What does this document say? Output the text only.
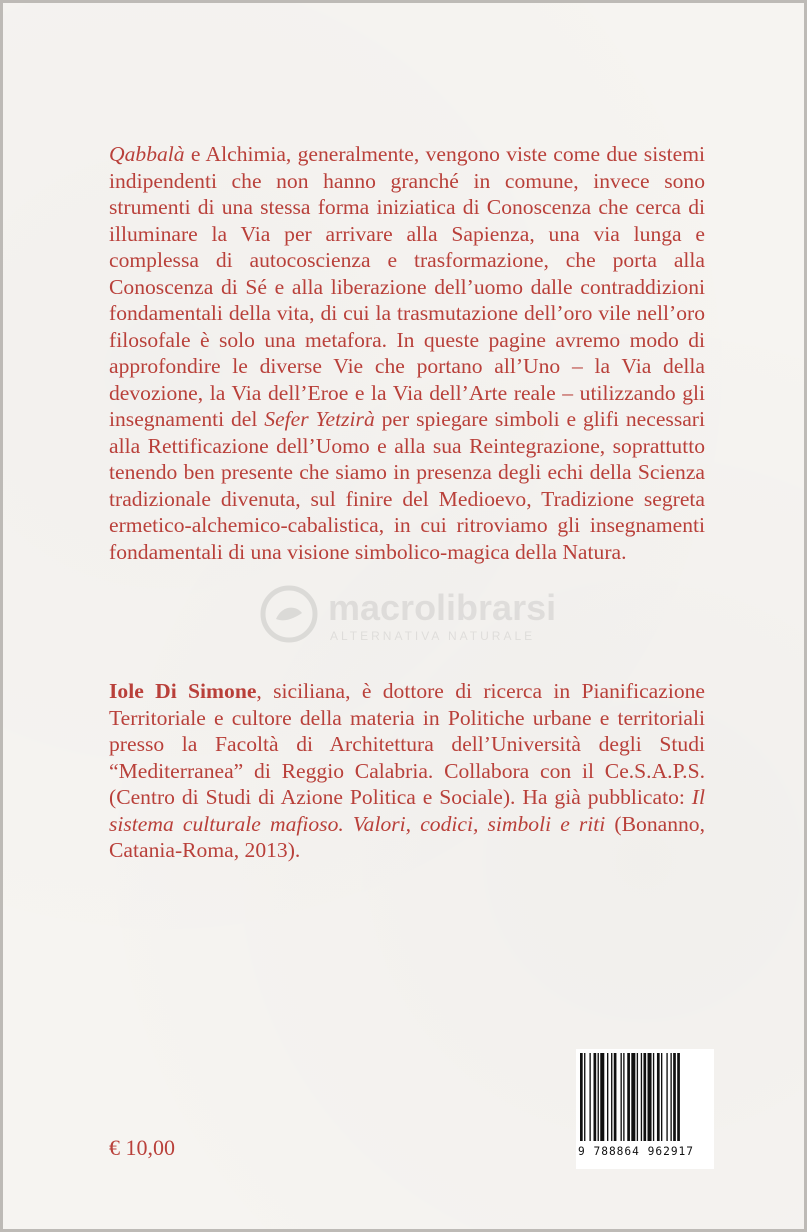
Qabbalà e Alchimia, generalmente, vengono viste come due sistemi indipendenti che non hanno granché in comune, invece sono strumenti di una stessa forma iniziatica di Conoscenza che cerca di illuminare la Via per arrivare alla Sapienza, una via lunga e complessa di autocoscienza e trasformazione, che porta alla Conoscenza di Sé e alla liberazione dell’uomo dalle contraddizioni fondamentali della vita, di cui la trasmutazione dell’oro vile nell’oro filosofale è solo una metafora. In queste pagine avremo modo di approfondire le diverse Vie che portano all’Uno – la Via della devozione, la Via dell’Eroe e la Via dell’Arte reale – utilizzando gli insegnamenti del Sefer Yetzirà per spiegare simboli e glifi necessari alla Rettificazione dell’Uomo e alla sua Reintegrazione, soprattutto tenendo ben presente che siamo in presenza degli echi della Scienza tradizionale divenuta, sul finire del Medioevo, Tradizione segreta ermetico-alchemico-cabalistica, in cui ritroviamo gli insegnamenti fondamentali di una visione simbolico-magica della Natura.

macrolibrarsi
ALTERNATIVA NATURALE

Iole Di Simone, siciliana, è dottore di ricerca in Pianificazione Territoriale e cultore della materia in Politiche urbane e territoriali presso la Facoltà di Architettura dell’Università degli Studi “Mediterranea” di Reggio Calabria. Collabora con il Ce.S.A.P.S. (Centro di Studi di Azione Politica e Sociale). Ha già pubblicato: Il sistema culturale mafioso. Valori, codici, simboli e riti (Bonanno, Catania-Roma, 2013).

€ 10,00	9 788864 962917
